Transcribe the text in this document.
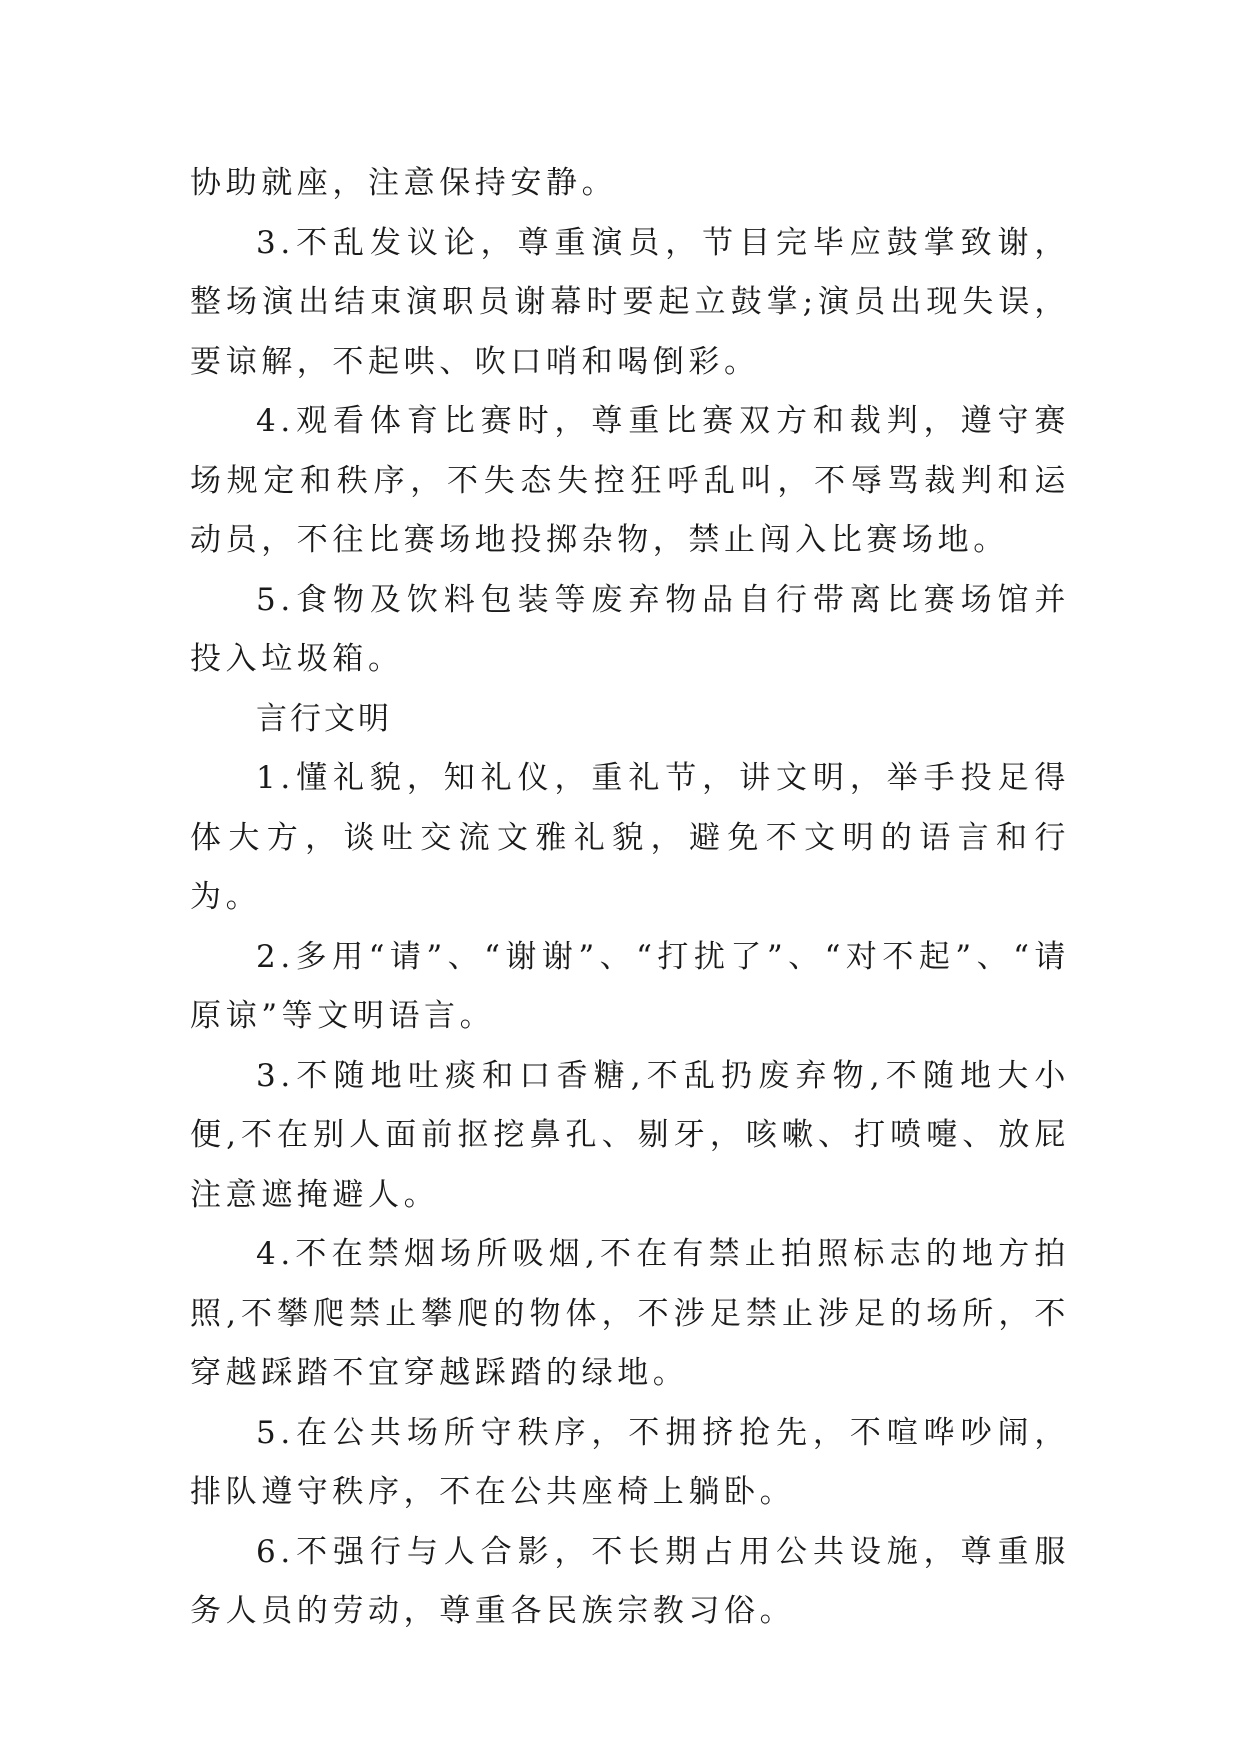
协助就座，注意保持安静。

3.不乱发议论，尊重演员，节目完毕应鼓掌致谢，整场演出结束演职员谢幕时要起立鼓掌;演员出现失误，要谅解，不起哄、吹口哨和喝倒彩。

4.观看体育比赛时，尊重比赛双方和裁判，遵守赛场规定和秩序，不失态失控狂呼乱叫，不辱骂裁判和运动员，不往比赛场地投掷杂物，禁止闯入比赛场地。

5.食物及饮料包装等废弃物品自行带离比赛场馆并投入垃圾箱。

言行文明

1.懂礼貌，知礼仪，重礼节，讲文明，举手投足得体大方，谈吐交流文雅礼貌，避免不文明的语言和行为。

2.多用“请”、“谢谢”、“打扰了”、“对不起”、“请原谅”等文明语言。

3.不随地吐痰和口香糖,不乱扔废弃物,不随地大小便,不在别人面前抠挖鼻孔、剔牙，咳嗽、打喷嚏、放屁注意遮掩避人。

4.不在禁烟场所吸烟,不在有禁止拍照标志的地方拍照,不攀爬禁止攀爬的物体，不涉足禁止涉足的场所，不穿越踩踏不宜穿越踩踏的绿地。

5.在公共场所守秩序，不拥挤抢先，不喧哗吵闹，排队遵守秩序，不在公共座椅上躺卧。

6.不强行与人合影，不长期占用公共设施，尊重服务人员的劳动，尊重各民族宗教习俗。
